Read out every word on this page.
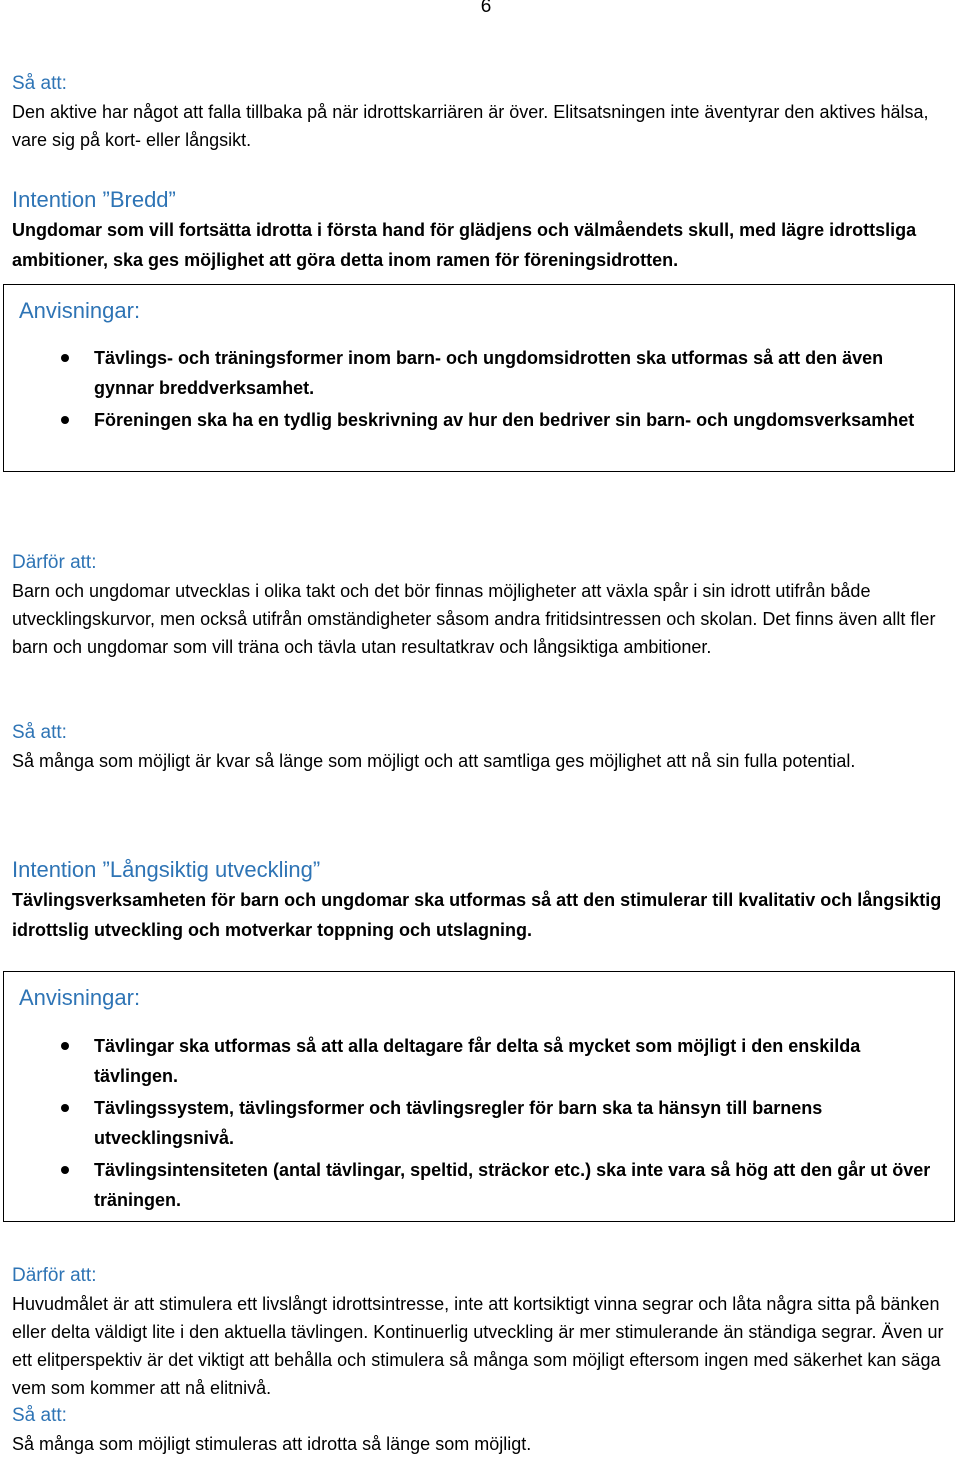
6

Så att:

Den aktive har något att falla tillbaka på när idrottskarriären är över. Elitsatsningen inte äventyrar den aktives hälsa, vare sig på kort- eller långsikt.

Intention ”Bredd”

Ungdomar som vill fortsätta idrotta i första hand för glädjens och välmåendets skull, med lägre idrottsliga ambitioner, ska ges möjlighet att göra detta inom ramen för föreningsidrotten.

Anvisningar:

Tävlings- och träningsformer inom barn- och ungdomsidrotten ska utformas så att den även gynnar breddverksamhet.
Föreningen ska ha en tydlig beskrivning av hur den bedriver sin barn- och ungdomsverksamhet

Därför att:

Barn och ungdomar utvecklas i olika takt och det bör finnas möjligheter att växla spår i sin idrott utifrån både utvecklingskurvor, men också utifrån omständigheter såsom andra fritidsintressen och skolan. Det finns även allt fler barn och ungdomar som vill träna och tävla utan resultatkrav och långsiktiga ambitioner.

Så att:

Så många som möjligt är kvar så länge som möjligt och att samtliga ges möjlighet att nå sin fulla potential.

Intention ”Långsiktig utveckling”

Tävlingsverksamheten för barn och ungdomar ska utformas så att den stimulerar till kvalitativ och långsiktig idrottslig utveckling och motverkar toppning och utslagning.

Anvisningar:

Tävlingar ska utformas så att alla deltagare får delta så mycket som möjligt i den enskilda tävlingen.
Tävlingssystem, tävlingsformer och tävlingsregler för barn ska ta hänsyn till barnens utvecklingsnivå.
Tävlingsintensiteten (antal tävlingar, speltid, sträckor etc.) ska inte vara så hög att den går ut över träningen.

Därför att:

Huvudmålet är att stimulera ett livslångt idrottsintresse, inte att kortsiktigt vinna segrar och låta några sitta på bänken eller delta väldigt lite i den aktuella tävlingen. Kontinuerlig utveckling är mer stimulerande än ständiga segrar. Även ur ett elitperspektiv är det viktigt att behålla och stimulera så många som möjligt eftersom ingen med säkerhet kan säga vem som kommer att nå elitnivå.

Så att:

Så många som möjligt stimuleras att idrotta så länge som möjligt.
